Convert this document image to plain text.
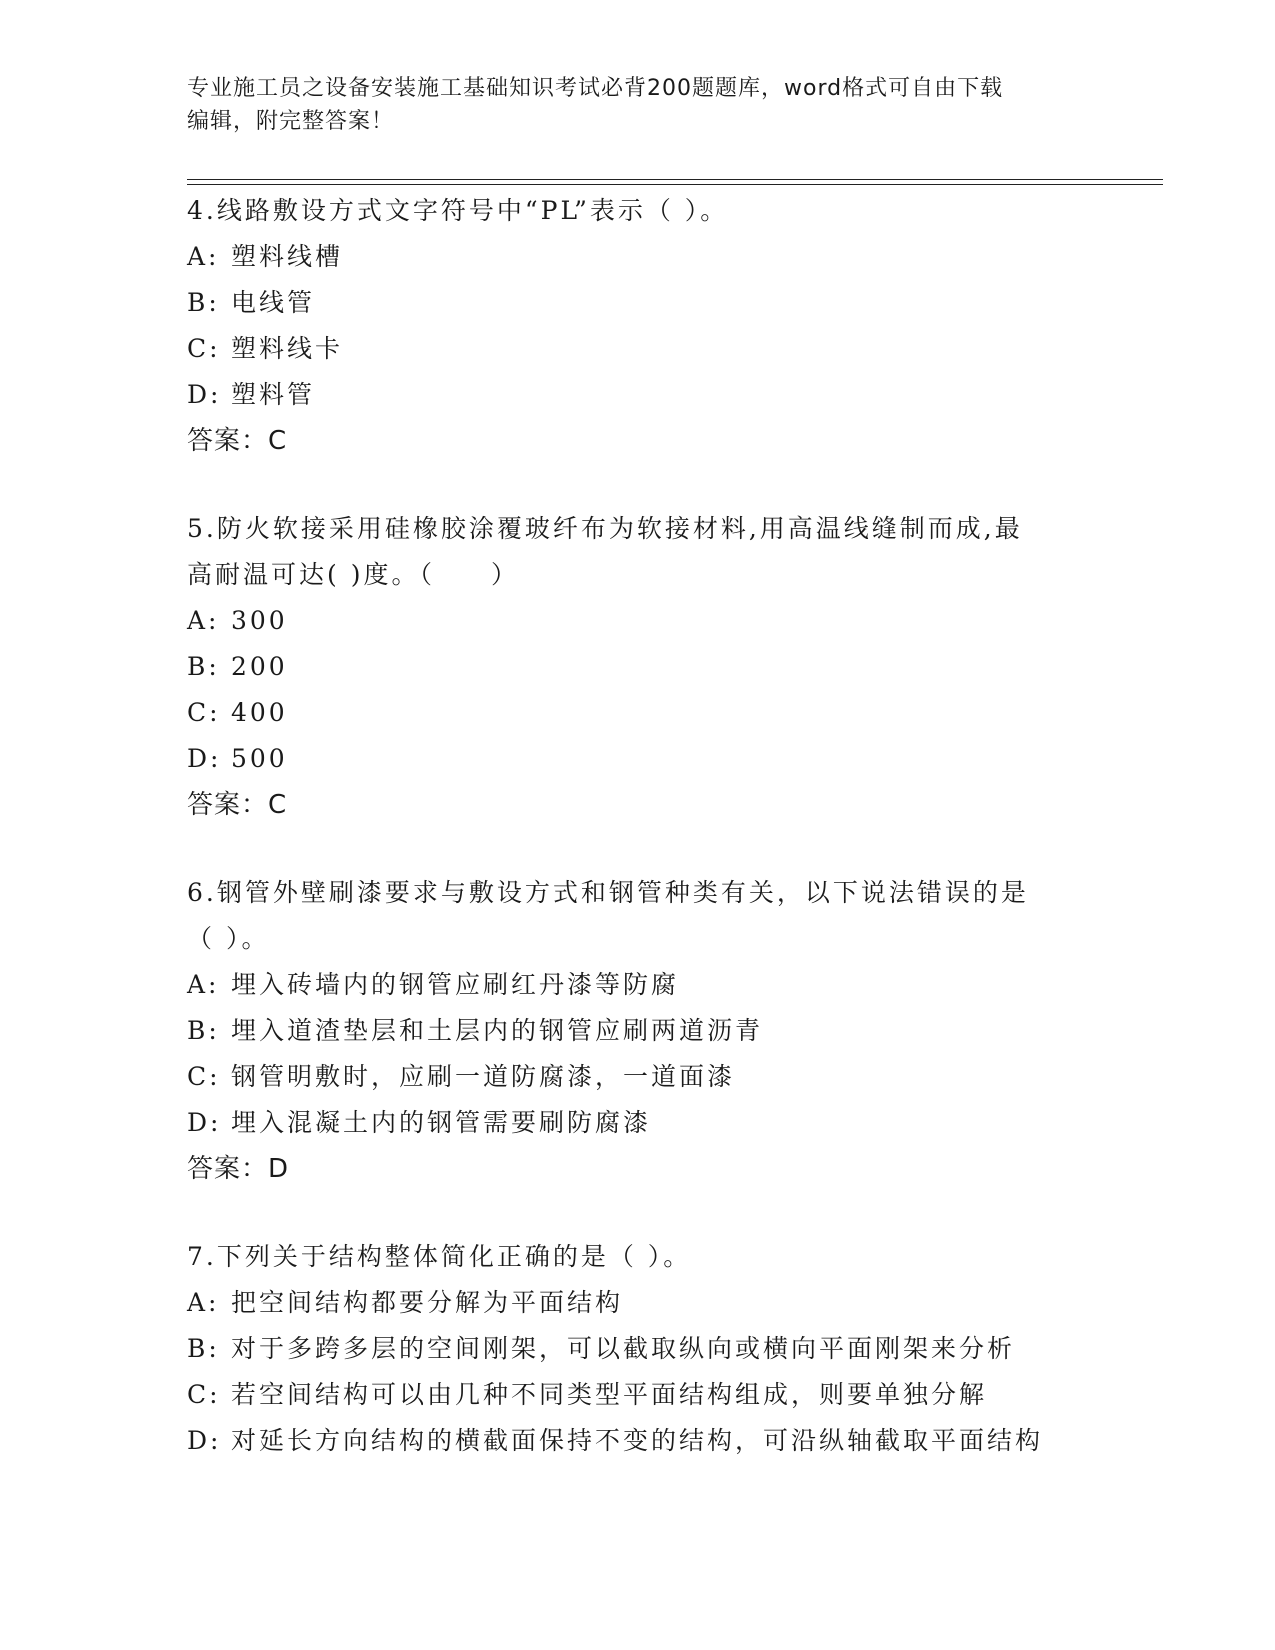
专业施工员之设备安装施工基础知识考试必背200题题库，word格式可自由下载
编辑，附完整答案！
4.线路敷设方式文字符号中“PL”表示（ ）。
A: 塑料线槽
B: 电线管
C: 塑料线卡
D: 塑料管
答案：C
5.防火软接采用硅橡胶涂覆玻纤布为软接材料,用高温线缝制而成,最
高耐温可达( )度。（　　）
A: 300
B: 200
C: 400
D: 500
答案：C
6.钢管外壁刷漆要求与敷设方式和钢管种类有关，以下说法错误的是
（ ）。
A: 埋入砖墙内的钢管应刷红丹漆等防腐
B: 埋入道渣垫层和土层内的钢管应刷两道沥青
C: 钢管明敷时，应刷一道防腐漆，一道面漆
D: 埋入混凝土内的钢管需要刷防腐漆
答案：D
7.下列关于结构整体简化正确的是（ ）。
A: 把空间结构都要分解为平面结构
B: 对于多跨多层的空间刚架，可以截取纵向或横向平面刚架来分析
C: 若空间结构可以由几种不同类型平面结构组成，则要单独分解
D: 对延长方向结构的横截面保持不变的结构，可沿纵轴截取平面结构
